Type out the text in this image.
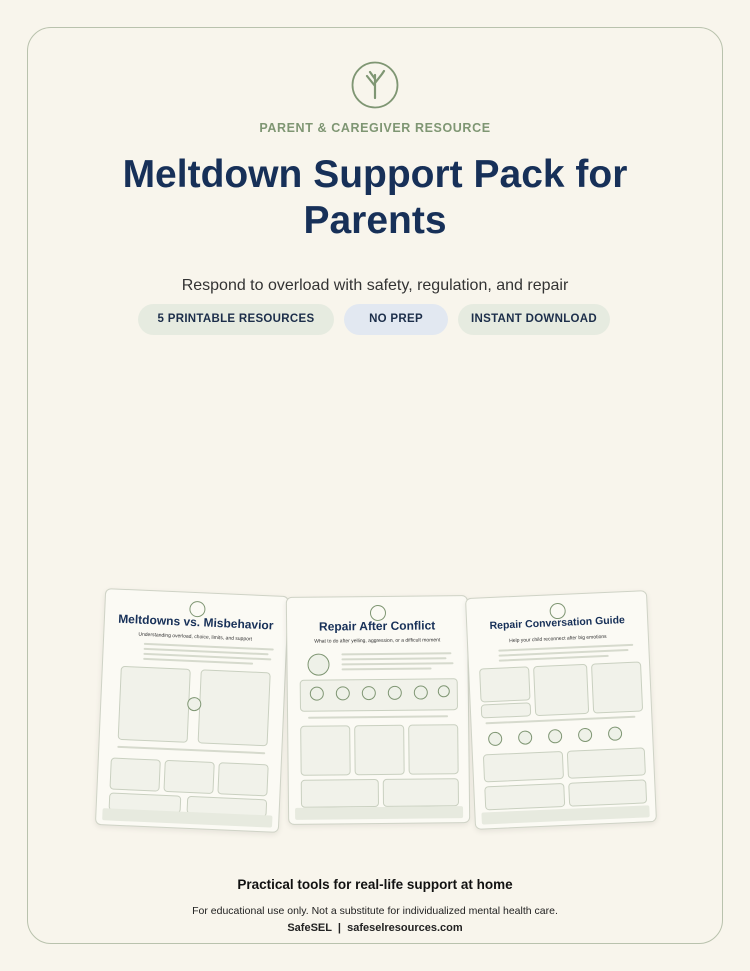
PARENT & CAREGIVER RESOURCE
Meltdown Support Pack for Parents
Respond to overload with safety, regulation, and repair
5 PRINTABLE RESOURCES	NO PREP	INSTANT DOWNLOAD
Meltdowns vs. Misbehavior
Understanding overload, choice, limits, and support
Repair After Conflict
What to do after yelling, aggression, or a difficult moment
Repair Conversation Guide
Help your child reconnect after big emotions
Practical tools for real-life support at home
For educational use only. Not a substitute for individualized mental health care.
SafeSEL | safeselresources.com
